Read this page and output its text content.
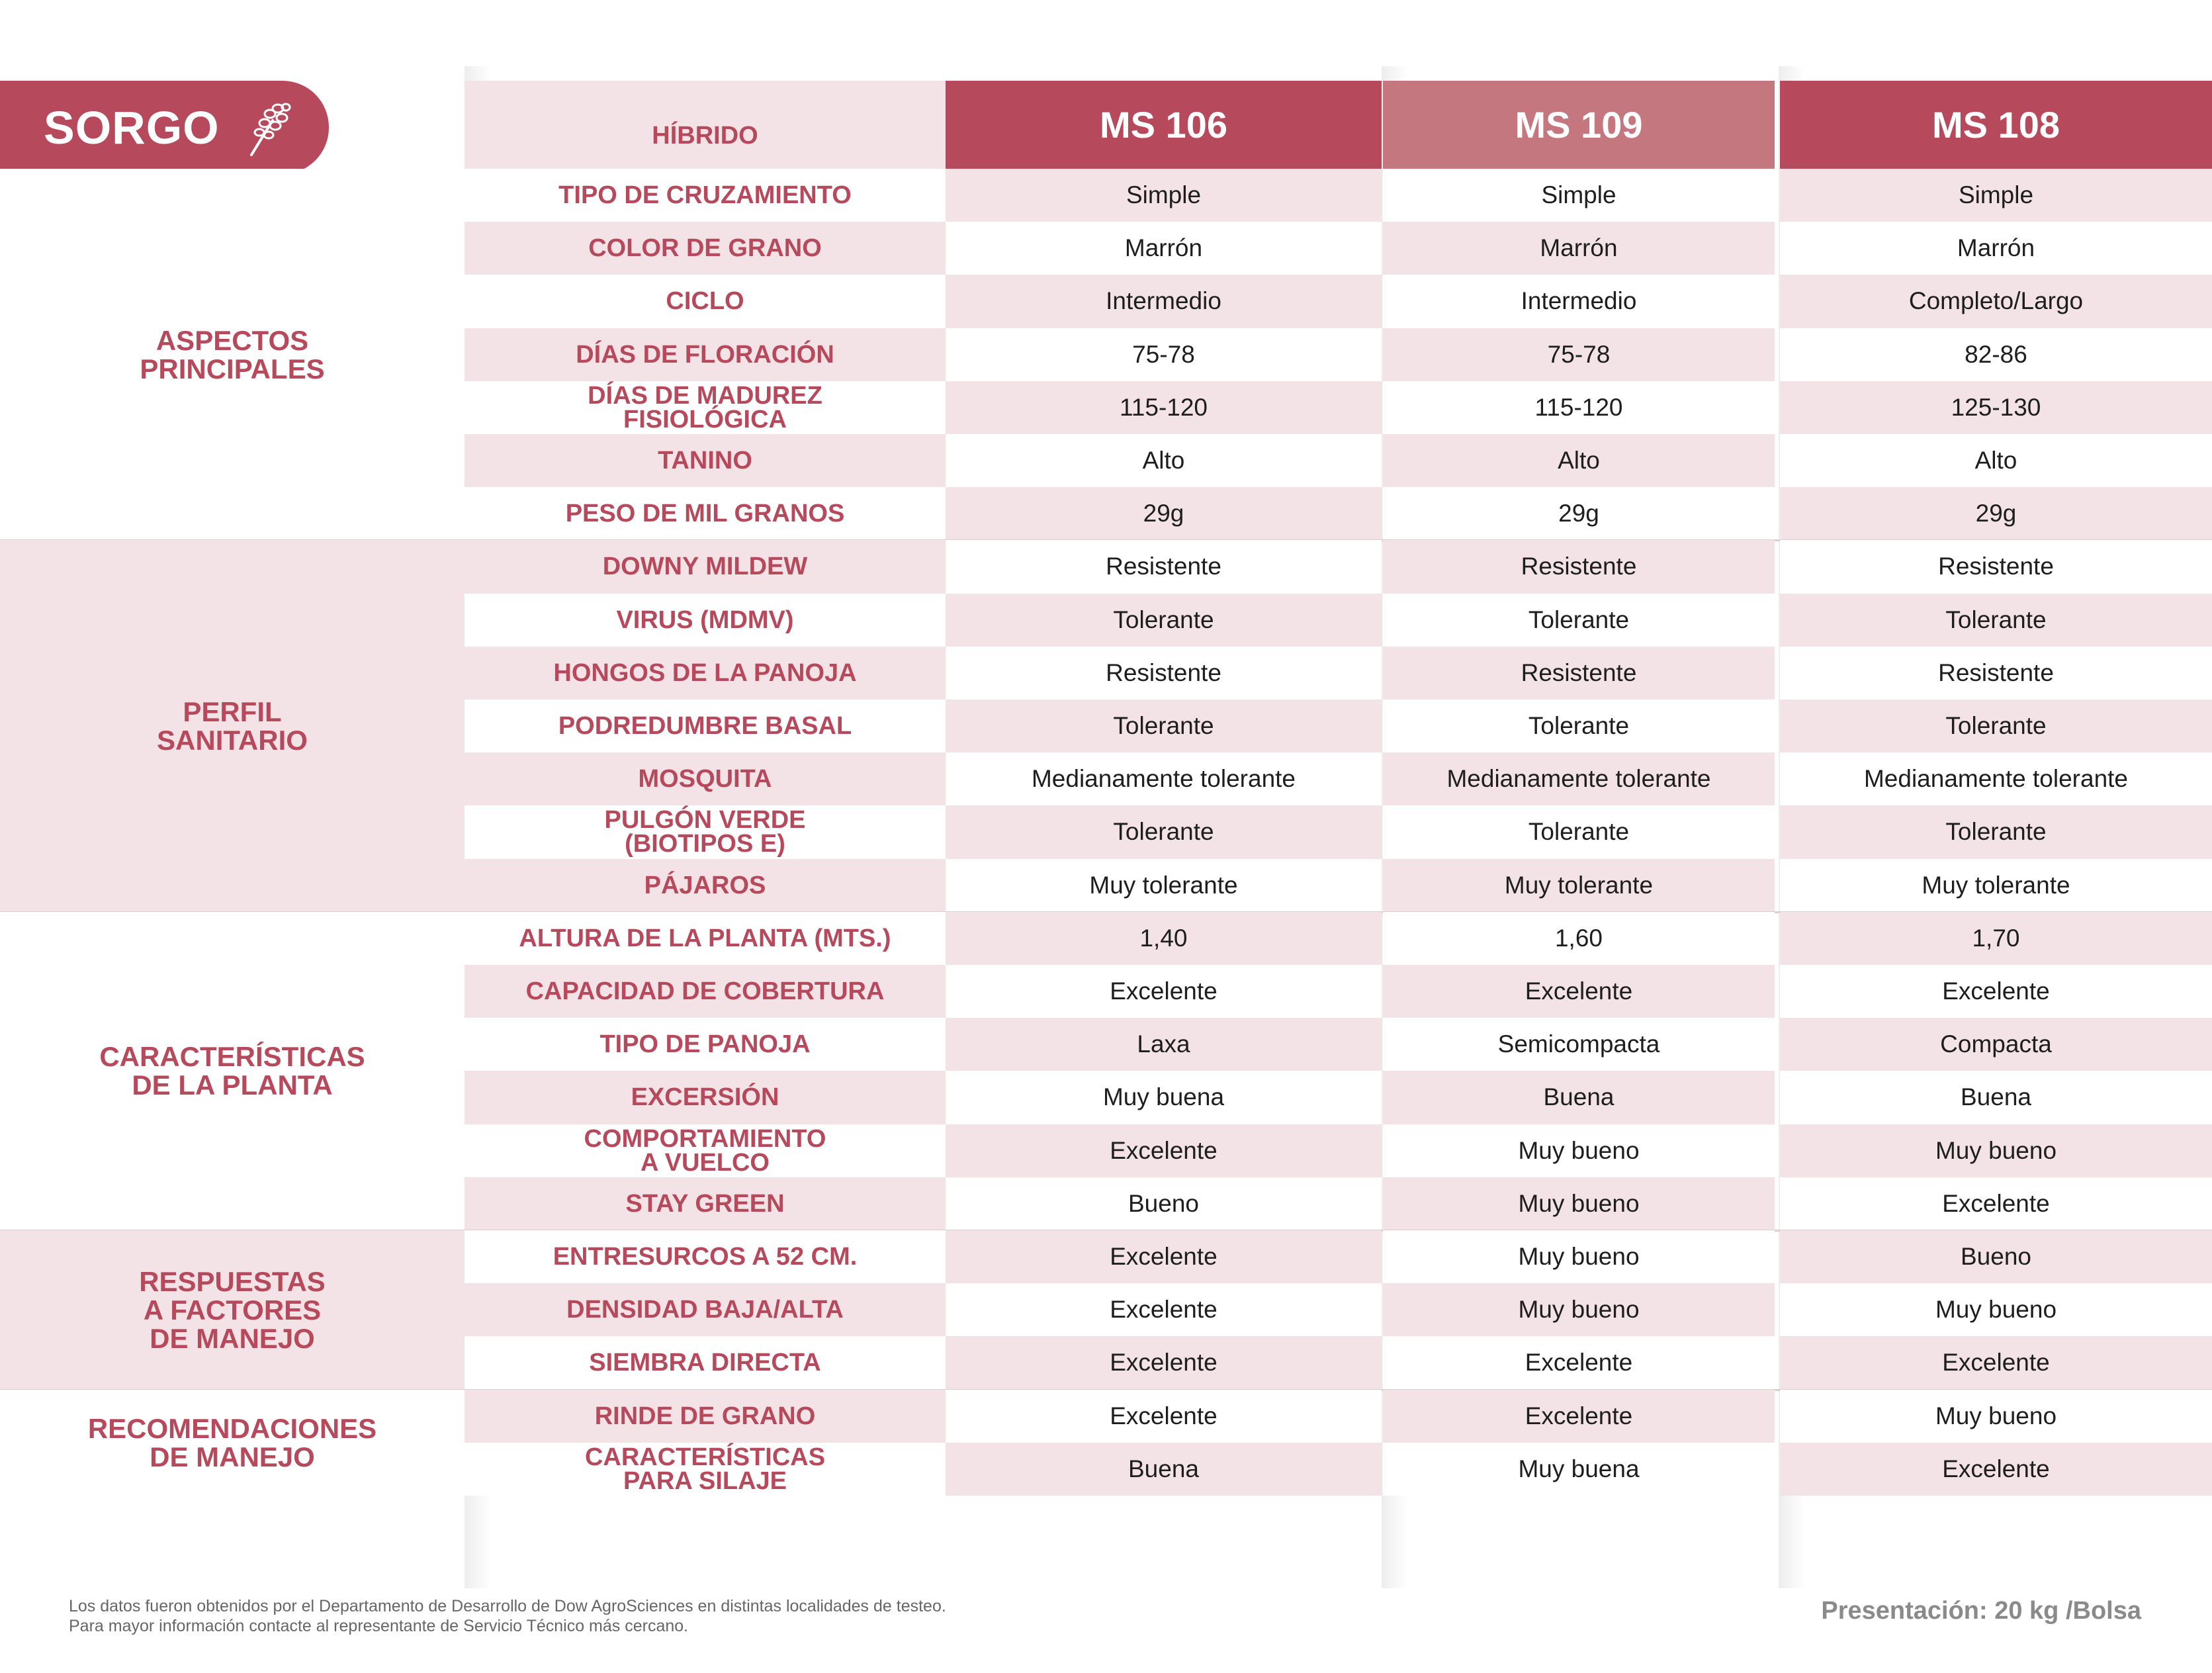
SORGO	HÍBRIDO	MS 106	MS 109	MS 108
TIPO DE CRUZAMIENTO	Simple	Simple	Simple
COLOR DE GRANO	Marrón	Marrón	Marrón
CICLO	Intermedio	Intermedio	Completo/Largo
DÍAS DE FLORACIÓN	75-78	75-78	82-86
DÍAS DE MADUREZ
FISIOLÓGICA	115-120	115-120	125-130
TANINO	Alto	Alto	Alto
PESO DE MIL GRANOS	29g	29g	29g
ASPECTOS
PRINCIPALES
DOWNY MILDEW	Resistente	Resistente	Resistente
VIRUS (MDMV)	Tolerante	Tolerante	Tolerante
HONGOS DE LA PANOJA	Resistente	Resistente	Resistente
PODREDUMBRE BASAL	Tolerante	Tolerante	Tolerante
MOSQUITA	Medianamente tolerante	Medianamente tolerante	Medianamente tolerante
PULGÓN VERDE
(BIOTIPOS E)	Tolerante	Tolerante	Tolerante
PÁJAROS	Muy tolerante	Muy tolerante	Muy tolerante
PERFIL
SANITARIO
ALTURA DE LA PLANTA (MTS.)	1,40	1,60	1,70
CAPACIDAD DE COBERTURA	Excelente	Excelente	Excelente
TIPO DE PANOJA	Laxa	Semicompacta	Compacta
EXCERSIÓN	Muy buena	Buena	Buena
COMPORTAMIENTO
A VUELCO	Excelente	Muy bueno	Muy bueno
STAY GREEN	Bueno	Muy bueno	Excelente
CARACTERÍSTICAS
DE LA PLANTA
ENTRESURCOS A 52 CM.	Excelente	Muy bueno	Bueno
DENSIDAD BAJA/ALTA	Excelente	Muy bueno	Muy bueno
SIEMBRA DIRECTA	Excelente	Excelente	Excelente
RESPUESTAS
A FACTORES
DE MANEJO
RINDE DE GRANO	Excelente	Excelente	Muy bueno
CARACTERÍSTICAS
PARA SILAJE	Buena	Muy buena	Excelente
RECOMENDACIONES
DE MANEJO
Los datos fueron obtenidos por el Departamento de Desarrollo de Dow AgroSciences en distintas localidades de testeo.
Para mayor información contacte al representante de Servicio Técnico más cercano.
Presentación: 20 kg /Bolsa
